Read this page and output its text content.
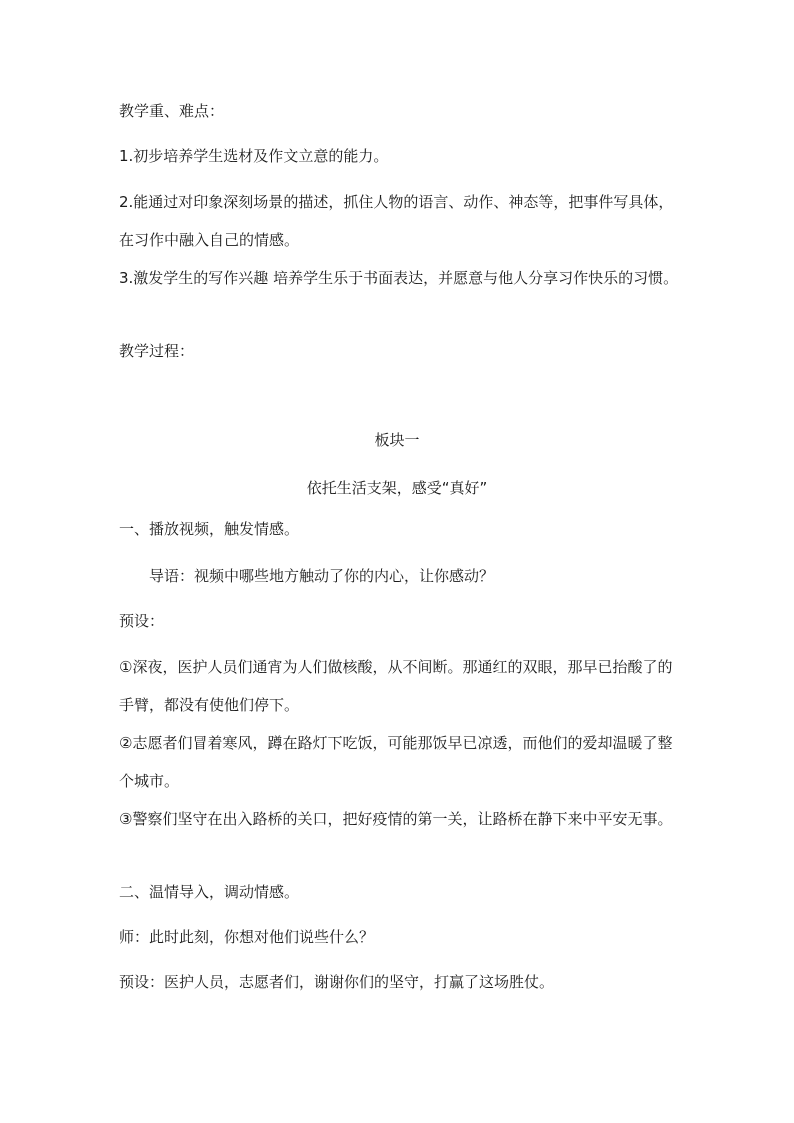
教学重、难点：
1.初步培养学生选材及作文立意的能力。
2.能通过对印象深刻场景的描述，抓住人物的语言、动作、神态等，把事件写具体，在习作中融入自己的情感。
3.激发学生的写作兴趣 培养学生乐于书面表达，并愿意与他人分享习作快乐的习惯。
教学过程：
板块一
依托生活支架，感受“真好”
一、播放视频，触发情感。
导语：视频中哪些地方触动了你的内心，让你感动？
预设：
①深夜，医护人员们通宵为人们做核酸，从不间断。那通红的双眼，那早已抬酸了的手臂，都没有使他们停下。
②志愿者们冒着寒风，蹲在路灯下吃饭，可能那饭早已凉透，而他们的爱却温暖了整个城市。
③警察们坚守在出入路桥的关口，把好疫情的第一关，让路桥在静下来中平安无事。
二、温情导入，调动情感。
师：此时此刻，你想对他们说些什么？
预设：医护人员，志愿者们，谢谢你们的坚守，打赢了这场胜仗。
